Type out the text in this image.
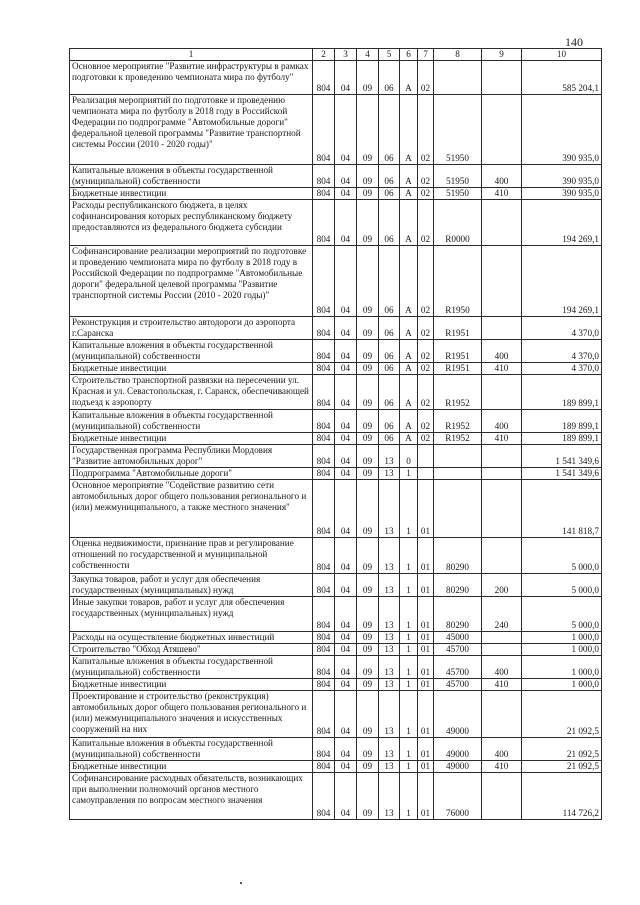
140
1	2	3	4	5	6	7	8	9	10
Основное мероприятие "Развитие инфраструктуры в рамках подготовки к проведению чемпионата мира по футболу"	804	04	09	06	А	02			585 204,1
Реализация мероприятий по подготовке и проведению чемпионата мира по футболу в 2018 году в Российской Федерации по подпрограмме "Автомобильные дороги" федеральной целевой программы "Развитие транспортной системы России (2010 - 2020 годы)"	804	04	09	06	А	02	51950		390 935,0
Капитальные вложения в объекты государственной (муниципальной) собственности	804	04	09	06	А	02	51950	400	390 935,0
Бюджетные инвестиции	804	04	09	06	А	02	51950	410	390 935,0
Расходы республиканского бюджета, в целях софинансирования которых республиканскому бюджету предоставляются из федерального бюджета субсидии	804	04	09	06	А	02	R0000		194 269,1
Софинансирование реализации мероприятий по подготовке и проведению чемпионата мира по футболу в 2018 году в Российской Федерации по подпрограмме "Автомобильные дороги" федеральной целевой программы "Развитие транспортной системы России (2010 - 2020 годы)"	804	04	09	06	А	02	R1950		194 269,1
Реконструкция и строительство автодороги до аэропорта г.Саранска	804	04	09	06	А	02	R1951		4 370,0
Капитальные вложения в объекты государственной (муниципальной) собственности	804	04	09	06	А	02	R1951	400	4 370,0
Бюджетные инвестиции	804	04	09	06	А	02	R1951	410	4 370,0
Строительство транспортной развязки на пересечении ул. Красная и ул. Севастопольская, г. Саранск, обеспечивающей подъезд к аэропорту	804	04	09	06	А	02	R1952		189 899,1
Капитальные вложения в объекты государственной (муниципальной) собственности	804	04	09	06	А	02	R1952	400	189 899,1
Бюджетные инвестиции	804	04	09	06	А	02	R1952	410	189 899,1
Государственная программа Республики Мордовия "Развитие автомобильных дорог"	804	04	09	13	0				1 541 349,6
Подпрограмма "Автомобильные дороги"	804	04	09	13	1				1 541 349,6
Основное мероприятие "Содействие развитию сети автомобильных дорог общего пользования регионального и (или) межмуниципального, а также местного значения"	804	04	09	13	1	01			141 818,7
Оценка недвижимости, признание прав и регулирование отношений по государственной и муниципальной собственности	804	04	09	13	1	01	80290		5 000,0
Закупка товаров, работ и услуг для обеспечения государственных (муниципальных) нужд	804	04	09	13	1	01	80290	200	5 000,0
Иные закупки товаров, работ и услуг для обеспечения государственных (муниципальных) нужд	804	04	09	13	1	01	80290	240	5 000,0
Расходы на осуществление бюджетных инвестиций	804	04	09	13	1	01	45000		1 000,0
Строительство "Обход Атяшево"	804	04	09	13	1	01	45700		1 000,0
Капитальные вложения в объекты государственной (муниципальной) собственности	804	04	09	13	1	01	45700	400	1 000,0
Бюджетные инвестиции	804	04	09	13	1	01	45700	410	1 000,0
Проектирование и строительство (реконструкция) автомобильных дорог общего пользования регионального и (или) межмуниципального значения и искусственных сооружений на них	804	04	09	13	1	01	49000		21 092,5
Капитальные вложения в объекты государственной (муниципальной) собственности	804	04	09	13	1	01	49000	400	21 092,5
Бюджетные инвестиции	804	04	09	13	1	01	49000	410	21 092,5
Софинансирование расходных обязательств, возникающих при выполнении полномочий органов местного самоуправления по вопросам местного значения	804	04	09	13	1	01	76000		114 726,2
